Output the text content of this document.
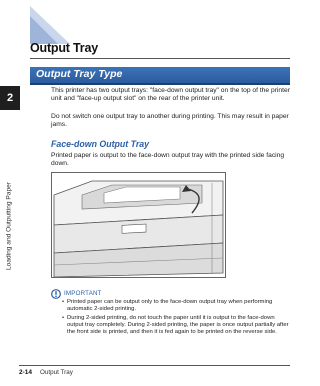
2
Loading and Outputting Paper
Output Tray
Output Tray Type

This printer has two output trays: "face-down output tray" on the top of the printer unit and "face-up output slot" on the rear of the printer unit.

Do not switch one output tray to another during printing. This may result in paper jams.

Face-down Output Tray

Printed paper is output to the face-down output tray with the printed side facing down.

IMPORTANT
• Printed paper can be output only to the face-down output tray when performing automatic 2-sided printing.
• During 2-sided printing, do not touch the paper until it is output to the face-down output tray completely. During 2-sided printing, the paper is once output partially after the front side is printed, and then it is fed again to be printed on the reverse side.
2-14 Output Tray
